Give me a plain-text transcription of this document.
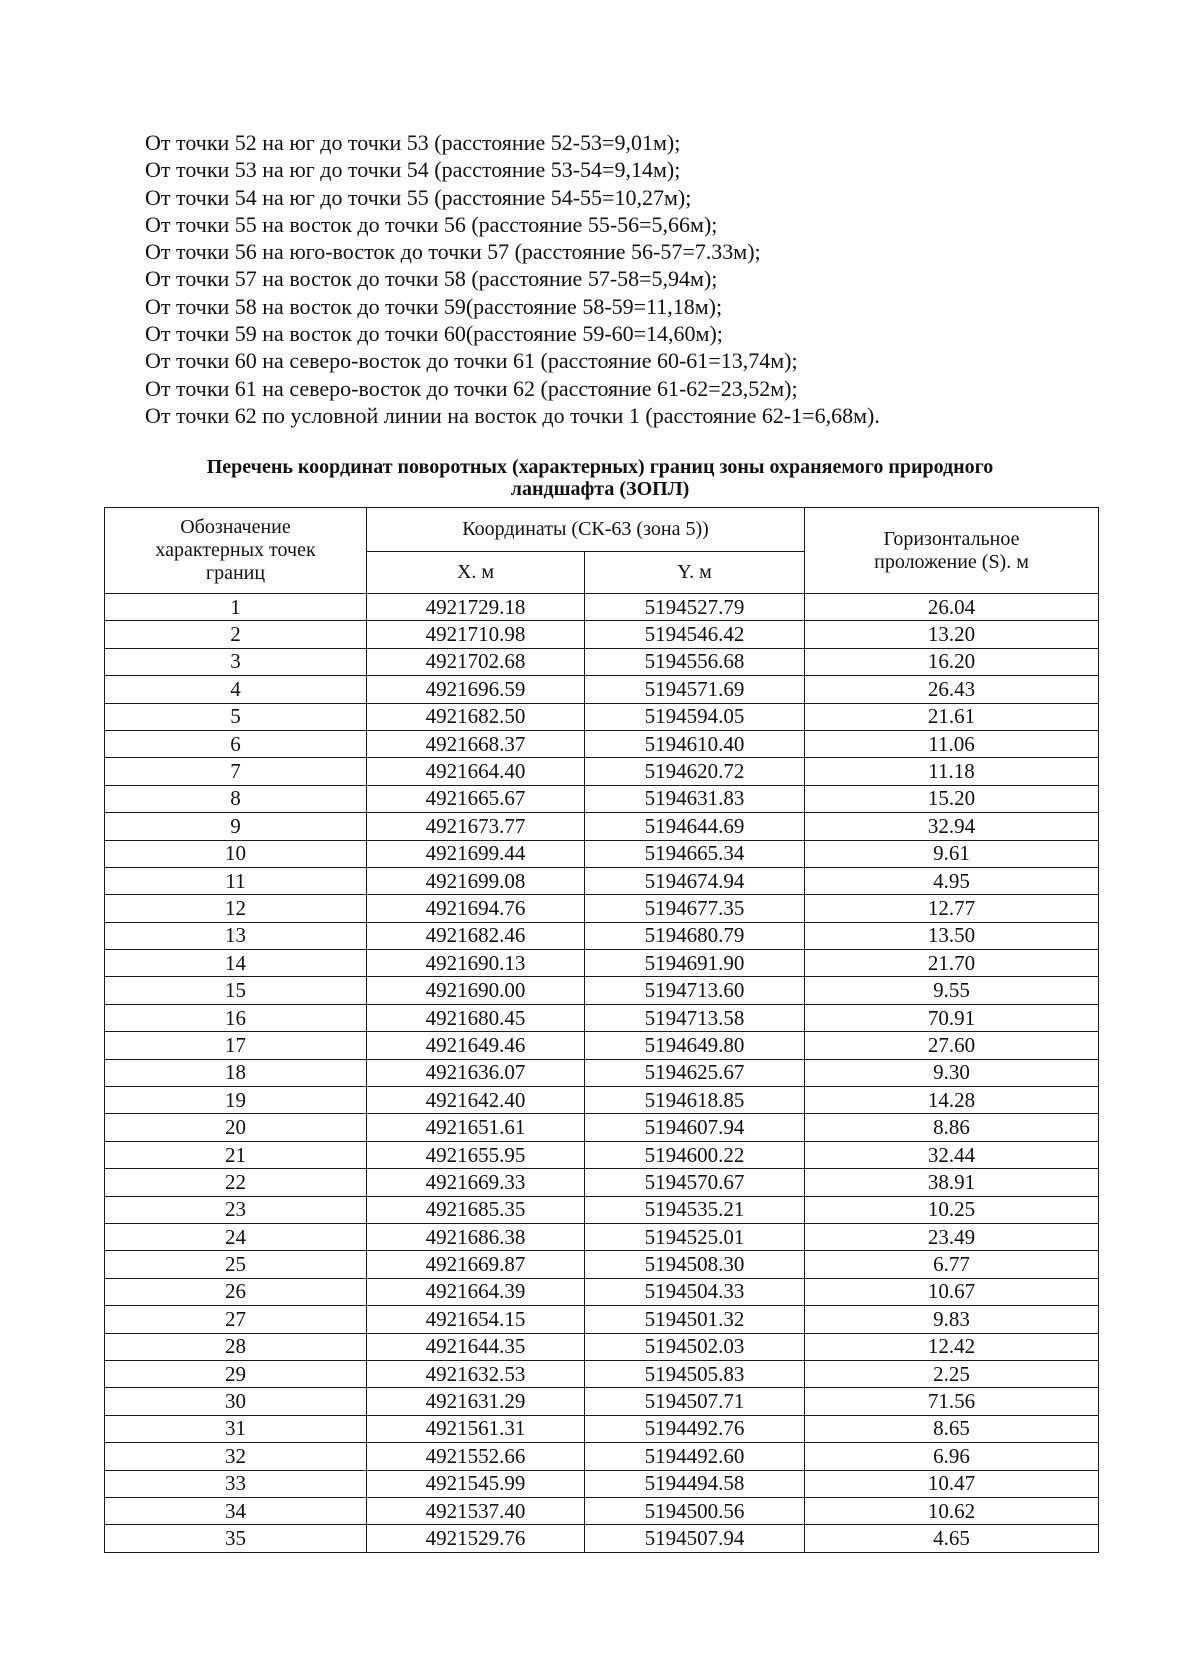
От точки 52 на юг до точки 53 (расстояние 52-53=9,01м);
От точки 53 на юг до точки 54 (расстояние 53-54=9,14м);
От точки 54 на юг до точки 55 (расстояние 54-55=10,27м);
От точки 55 на восток до точки 56 (расстояние 55-56=5,66м);
От точки 56 на юго-восток до точки 57 (расстояние 56-57=7.33м);
От точки 57 на восток до точки 58 (расстояние 57-58=5,94м);
От точки 58 на восток до точки 59(расстояние 58-59=11,18м);
От точки 59 на восток до точки 60(расстояние 59-60=14,60м);
От точки 60 на северо-восток до точки 61 (расстояние 60-61=13,74м);
От точки 61 на северо-восток до точки 62 (расстояние 61-62=23,52м);
От точки 62 по условной линии на восток до точки 1 (расстояние 62-1=6,68м).
Перечень координат поворотных (характерных) границ зоны охраняемого природного
ландшафта (ЗОПЛ)
Обозначение
характерных точек
границ	Координаты (СК-63 (зона 5))		Горизонтальное
проложение (S). м

	X. м	Y. м	
1	4921729.18	5194527.79	26.04
2	4921710.98	5194546.42	13.20
3	4921702.68	5194556.68	16.20
4	4921696.59	5194571.69	26.43
5	4921682.50	5194594.05	21.61
6	4921668.37	5194610.40	11.06
7	4921664.40	5194620.72	11.18
8	4921665.67	5194631.83	15.20
9	4921673.77	5194644.69	32.94
10	4921699.44	5194665.34	9.61
11	4921699.08	5194674.94	4.95
12	4921694.76	5194677.35	12.77
13	4921682.46	5194680.79	13.50
14	4921690.13	5194691.90	21.70
15	4921690.00	5194713.60	9.55
16	4921680.45	5194713.58	70.91
17	4921649.46	5194649.80	27.60
18	4921636.07	5194625.67	9.30
19	4921642.40	5194618.85	14.28
20	4921651.61	5194607.94	8.86
21	4921655.95	5194600.22	32.44
22	4921669.33	5194570.67	38.91
23	4921685.35	5194535.21	10.25
24	4921686.38	5194525.01	23.49
25	4921669.87	5194508.30	6.77
26	4921664.39	5194504.33	10.67
27	4921654.15	5194501.32	9.83
28	4921644.35	5194502.03	12.42
29	4921632.53	5194505.83	2.25
30	4921631.29	5194507.71	71.56
31	4921561.31	5194492.76	8.65
32	4921552.66	5194492.60	6.96
33	4921545.99	5194494.58	10.47
34	4921537.40	5194500.56	10.62
35	4921529.76	5194507.94	4.65
